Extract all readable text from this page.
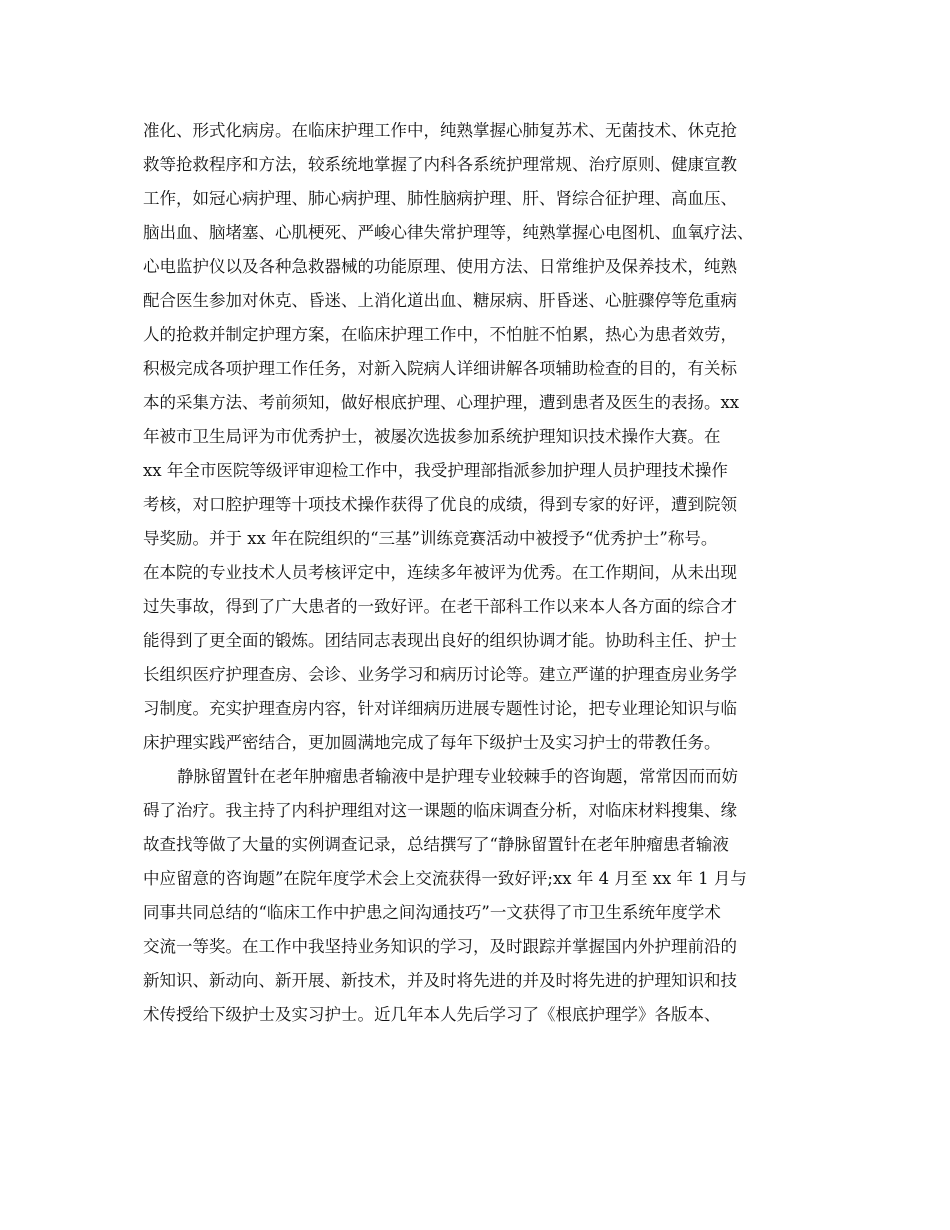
准化、形式化病房。在临床护理工作中，纯熟掌握心肺复苏术、无菌技术、休克抢
救等抢救程序和方法，较系统地掌握了内科各系统护理常规、治疗原则、健康宣教
工作，如冠心病护理、肺心病护理、肺性脑病护理、肝、肾综合征护理、高血压、
脑出血、脑堵塞、心肌梗死、严峻心律失常护理等，纯熟掌握心电图机、血氧疗法、
心电监护仪以及各种急救器械的功能原理、使用方法、日常维护及保养技术，纯熟
配合医生参加对休克、昏迷、上消化道出血、糖尿病、肝昏迷、心脏骤停等危重病
人的抢救并制定护理方案，在临床护理工作中，不怕脏不怕累，热心为患者效劳，
积极完成各项护理工作任务，对新入院病人详细讲解各项辅助检查的目的，有关标
本的采集方法、考前须知，做好根底护理、心理护理，遭到患者及医生的表扬。xx
年被市卫生局评为市优秀护士，被屡次选拔参加系统护理知识技术操作大赛。在
xx 年全市医院等级评审迎检工作中，我受护理部指派参加护理人员护理技术操作
考核，对口腔护理等十项技术操作获得了优良的成绩，得到专家的好评，遭到院领
导奖励。并于 xx 年在院组织的“三基”训练竞赛活动中被授予“优秀护士”称号。
在本院的专业技术人员考核评定中，连续多年被评为优秀。在工作期间，从未出现
过失事故，得到了广大患者的一致好评。在老干部科工作以来本人各方面的综合才
能得到了更全面的锻炼。团结同志表现出良好的组织协调才能。协助科主任、护士
长组织医疗护理查房、会诊、业务学习和病历讨论等。建立严谨的护理查房业务学
习制度。充实护理查房内容，针对详细病历进展专题性讨论，把专业理论知识与临
床护理实践严密结合，更加圆满地完成了每年下级护士及实习护士的带教任务。
静脉留置针在老年肿瘤患者输液中是护理专业较棘手的咨询题，常常因而而妨
碍了治疗。我主持了内科护理组对这一课题的临床调查分析，对临床材料搜集、缘
故查找等做了大量的实例调查记录，总结撰写了“静脉留置针在老年肿瘤患者输液
中应留意的咨询题”在院年度学术会上交流获得一致好评;xx 年 4 月至 xx 年 1 月与
同事共同总结的“临床工作中护患之间沟通技巧”一文获得了市卫生系统年度学术
交流一等奖。在工作中我坚持业务知识的学习，及时跟踪并掌握国内外护理前沿的
新知识、新动向、新开展、新技术，并及时将先进的并及时将先进的护理知识和技
术传授给下级护士及实习护士。近几年本人先后学习了《根底护理学》各版本、
